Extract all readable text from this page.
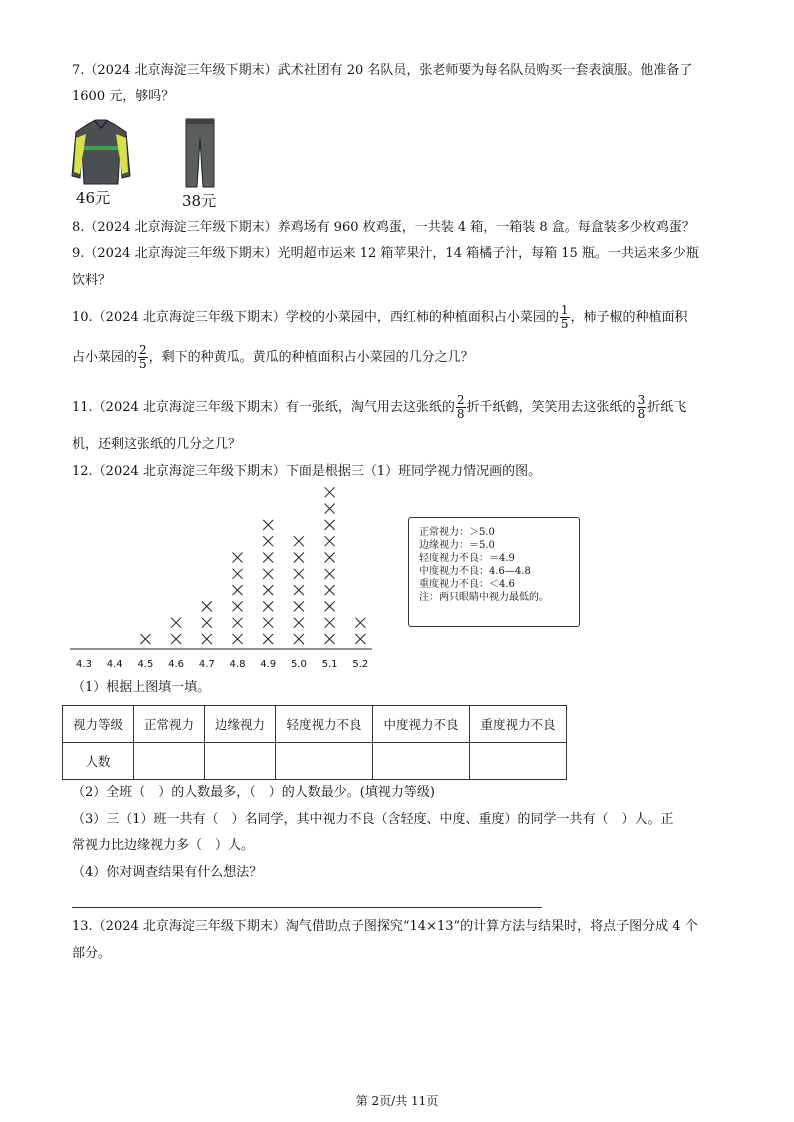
7.（2024 北京海淀三年级下期末）武术社团有 20 名队员，张老师要为每名队员购买一套表演服。他准备了
1600 元，够吗？
46元	38元
8.（2024 北京海淀三年级下期末）养鸡场有 960 枚鸡蛋，一共装 4 箱，一箱装 8 盒。每盒装多少枚鸡蛋？
9.（2024 北京海淀三年级下期末）光明超市运来 12 箱苹果汁，14 箱橘子汁，每箱 15 瓶。一共运来多少瓶
饮料？
10.（2024 北京海淀三年级下期末）学校的小菜园中，西红柿的种植面积占小菜园的 $\frac{1}{5}$ ，柿子椒的种植面积
占小菜园的 $\frac{2}{5}$ ，剩下的种黄瓜。黄瓜的种植面积占小菜园的几分之几？
11.（2024 北京海淀三年级下期末）有一张纸，淘气用去这张纸的 $\frac{2}{8}$ 折千纸鹤，笑笑用去这张纸的 $\frac{3}{8}$ 折纸飞
机，还剩这张纸的几分之几？
12.（2024 北京海淀三年级下期末）下面是根据三（1）班同学视力情况画的图。
4.3 4.4 4.5 4.6 4.7 4.8 4.9 5.0 5.1 5.2
正常视力：＞5.0
边缘视力：＝5.0
轻度视力不良：＝4.9
中度视力不良：4.6—4.8
重度视力不良：＜4.6
注：两只眼睛中视力最低的。
（1）根据上图填一填。
视力等级	正常视力	边缘视力	轻度视力不良	中度视力不良	重度视力不良
人数					
（2）全班（　）的人数最多，（　）的人数最少。(填视力等级)
（3）三（1）班一共有（　）名同学，其中视力不良（含轻度、中度、重度）的同学一共有（　）人。正
常视力比边缘视力多（　）人。
（4）你对调查结果有什么想法？
13.（2024 北京海淀三年级下期末）淘气借助点子图探究“14×13”的计算方法与结果时，将点子图分成 4 个
部分。
第 2页/共 11页
